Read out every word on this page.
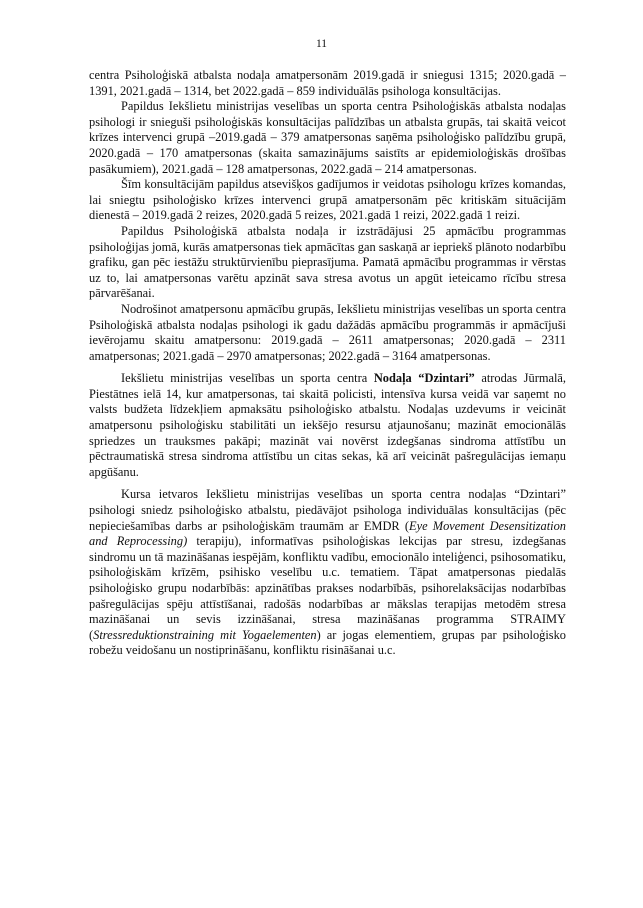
11

centra Psiholoģiskā atbalsta nodaļa amatpersonām 2019.gadā ir sniegusi 1315; 2020.gadā – 1391, 2021.gadā – 1314, bet 2022.gadā – 859 individuālās psihologa konsultācijas.

Papildus Iekšlietu ministrijas veselības un sporta centra Psiholoģiskās atbalsta nodaļas psihologi ir snieguši psiholoģiskās konsultācijas palīdzības un atbalsta grupās, tai skaitā veicot krīzes intervenci grupā –2019.gadā – 379 amatpersonas saņēma psiholoģisko palīdzību grupā, 2020.gadā – 170 amatpersonas (skaita samazinājums saistīts ar epidemioloģiskās drošības pasākumiem), 2021.gadā – 128 amatpersonas, 2022.gadā – 214 amatpersonas.

Šīm konsultācijām papildus atsevišķos gadījumos ir veidotas psihologu krīzes komandas, lai sniegtu psiholoģisko krīzes intervenci grupā amatpersonām pēc kritiskām situācijām dienestā – 2019.gadā 2 reizes, 2020.gadā 5 reizes, 2021.gadā 1 reizi, 2022.gadā 1 reizi.

Papildus Psiholoģiskā atbalsta nodaļa ir izstrādājusi 25 apmācību programmas psiholoģijas jomā, kurās amatpersonas tiek apmācītas gan saskaņā ar iepriekš plānoto nodarbību grafiku, gan pēc iestāžu struktūrvienību pieprasījuma. Pamatā apmācību programmas ir vērstas uz to, lai amatpersonas varētu apzināt sava stresa avotus un apgūt ieteicamo rīcību stresa pārvarēšanai.

Nodrošinot amatpersonu apmācību grupās, Iekšlietu ministrijas veselības un sporta centra Psiholoģiskā atbalsta nodaļas psihologi ik gadu dažādās apmācību programmās ir apmācījuši ievērojamu skaitu amatpersonu: 2019.gadā – 2611 amatpersonas; 2020.gadā – 2311 amatpersonas; 2021.gadā – 2970 amatpersonas; 2022.gadā – 3164 amatpersonas.

Iekšlietu ministrijas veselības un sporta centra Nodaļa “Dzintari” atrodas Jūrmalā, Piestātnes ielā 14, kur amatpersonas, tai skaitā policisti, intensīva kursa veidā var saņemt no valsts budžeta līdzekļiem apmaksātu psiholoģisko atbalstu. Nodaļas uzdevums ir veicināt amatpersonu psiholoģisku stabilitāti un iekšējo resursu atjaunošanu; mazināt emocionālās spriedzes un trauksmes pakāpi; mazināt vai novērst izdegšanas sindroma attīstību un pēctraumatiskā stresa sindroma attīstību un citas sekas, kā arī veicināt pašregulācijas iemaņu apgūšanu.

Kursa ietvaros Iekšlietu ministrijas veselības un sporta centra nodaļas “Dzintari” psihologi sniedz psiholoģisko atbalstu, piedāvājot psihologa individuālas konsultācijas (pēc nepieciešamības darbs ar psiholoģiskām traumām ar EMDR (Eye Movement Desensitization and Reprocessing) terapiju), informatīvas psiholoģiskas lekcijas par stresu, izdegšanas sindromu un tā mazināšanas iespējām, konfliktu vadību, emocionālo inteliģenci, psihosomatiku, psiholoģiskām krīzēm, psihisko veselību u.c. tematiem. Tāpat amatpersonas piedalās psiholoģisko grupu nodarbībās: apzinātības prakses nodarbībās, psihorelaksācijas nodarbības pašregulācijas spēju attīstīšanai, radošās nodarbības ar mākslas terapijas metodēm stresa mazināšanai un sevis izzināšanai, stresa mazināšanas programma STRAIMY (Stressreduktionstraining mit Yogaelementen) ar jogas elementiem, grupas par psiholoģisko robežu veidošanu un nostiprināšanu, konfliktu risināšanai u.c.
